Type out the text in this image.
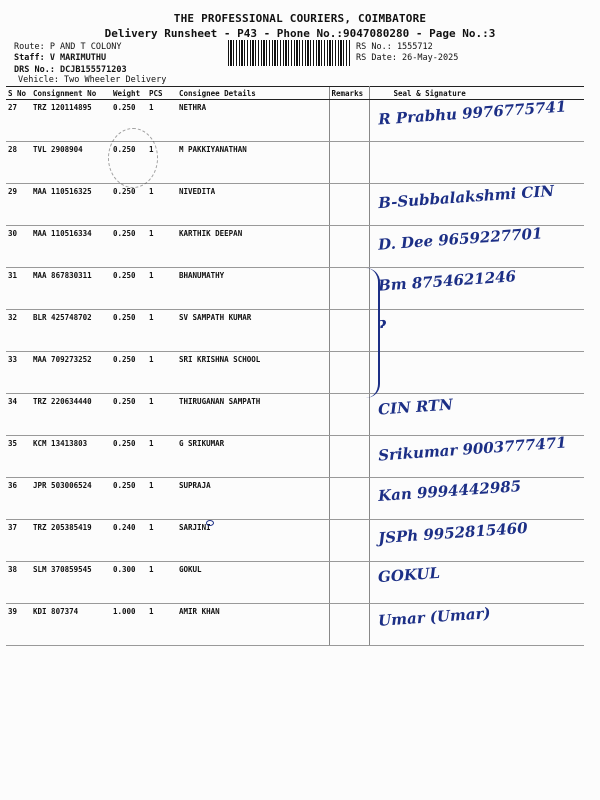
THE PROFESSIONAL COURIERS, COIMBATORE
Delivery Runsheet - P43 - Phone No.:9047080280 - Page No.:3
Route: P AND T COLONY
Staff: V MARIMUTHU
DRS No.: DCJB155571203
Vehicle: Two Wheeler Delivery
RS No.: 1555712
RS Date: 26-May-2025
S No	Consignment No	Weight	PCS	Consignee Details	Remarks	Seal & Signature
27	TRZ 120114895	0.250	1	NETHRA		R Prabhu 9976775741

28	TVL 2908904	0.250	1	M PAKKIYANATHAN		

29	MAA 110516325	0.250	1	NIVEDITA		B-Subbalakshmi CIN

30	MAA 110516334	0.250	1	KARTHIK DEEPAN		D. Dee 9659227701

31	MAA 867830311	0.250	1	BHANUMATHY		Bm 8754621246

32	BLR 425748702	0.250	1	SV SAMPATH KUMAR		ɂ

33	MAA 709273252	0.250	1	SRI KRISHNA SCHOOL		

34	TRZ 220634440	0.250	1	THIRUGANAN SAMPATH		CIN RTN

35	KCM 13413803	0.250	1	G SRIKUMAR		Srikumar 9003777471

36	JPR 503006524	0.250	1	SUPRAJA		Kan 9994442985

37	TRZ 205385419	0.240	1	SARJINI		JSPh 9952815460

38	SLM 370859545	0.300	1	GOKUL		GOKUL

39	KDI 807374	1.000	1	AMIR KHAN		Umar (Umar)
